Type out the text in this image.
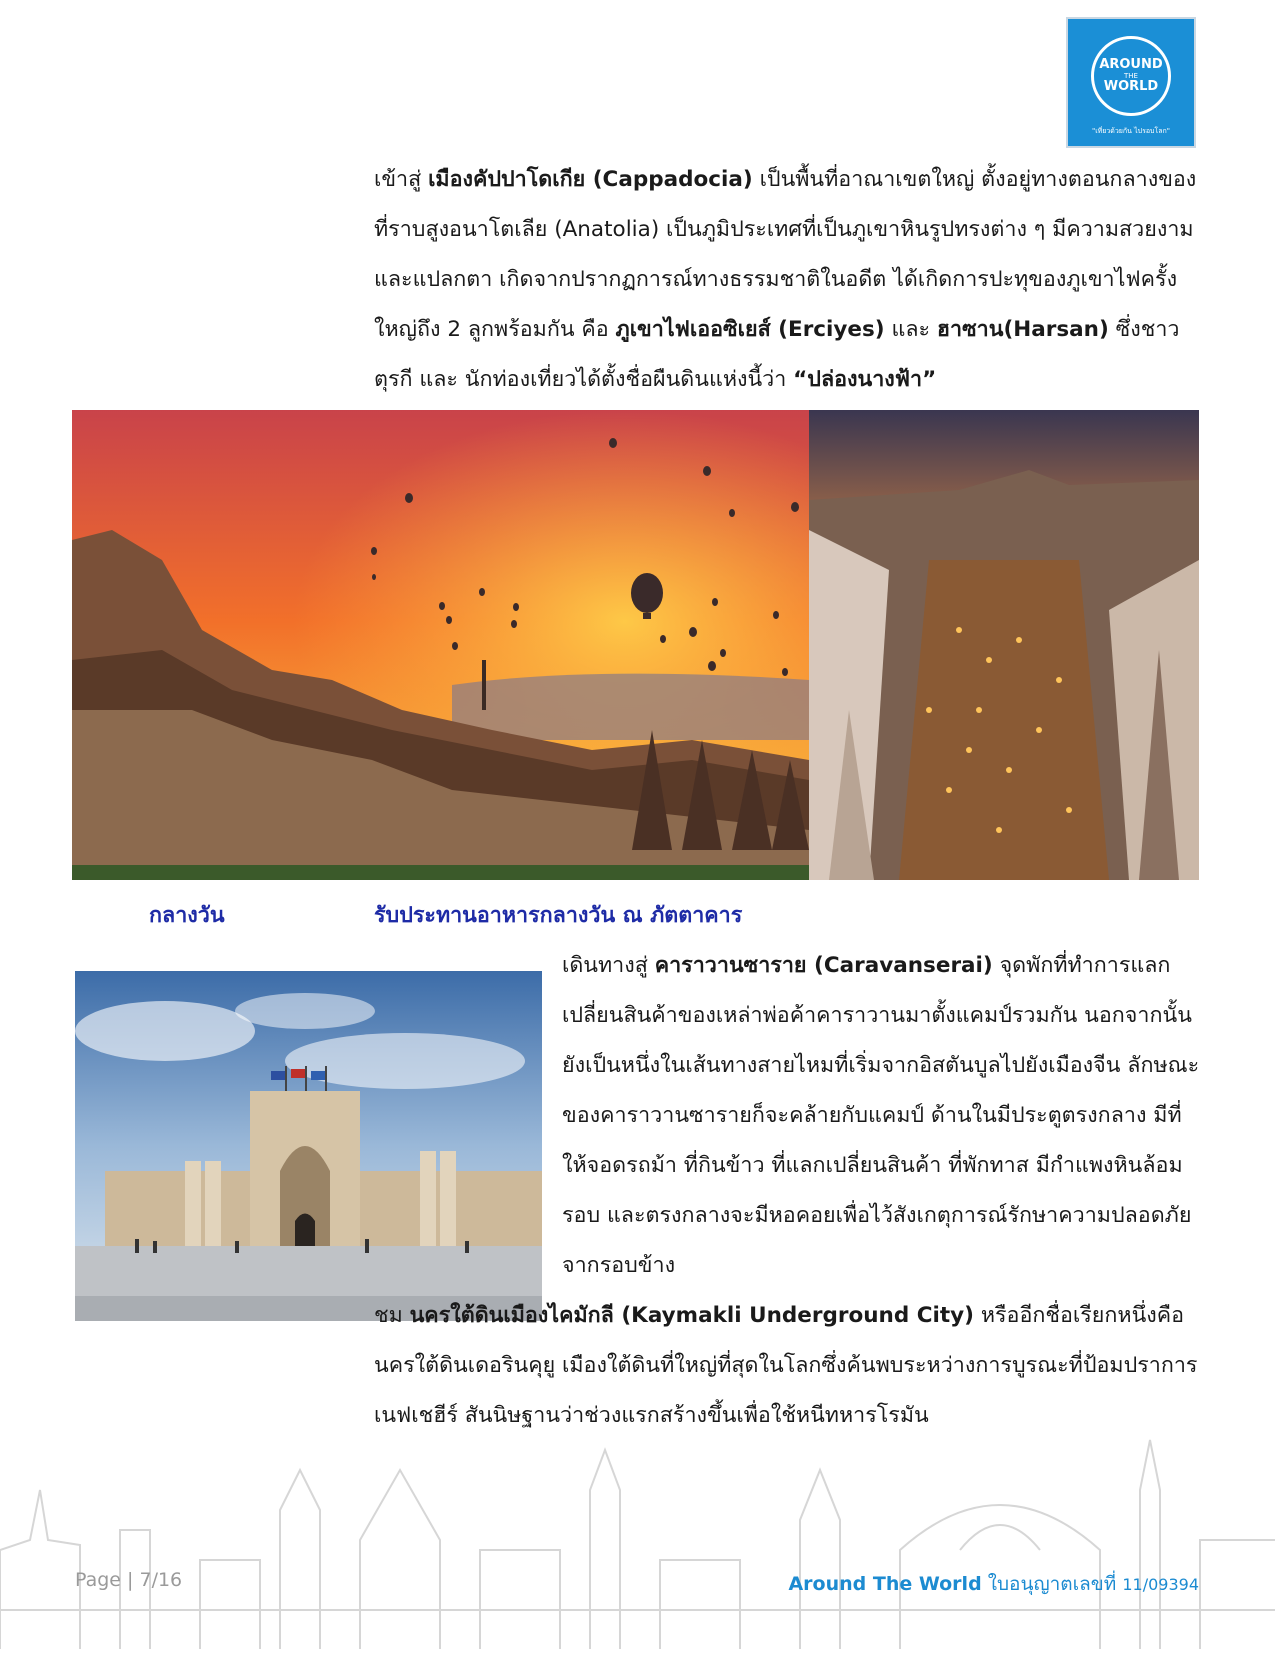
AROUND
THE
WORLD
"เที่ยวด้วยกัน ไปรอบโลก"

เข้าสู่ เมืองคัปปาโดเกีย (Cappadocia) เป็นพื้นที่อาณาเขตใหญ่ ตั้งอยู่ทางตอนกลางของที่ราบสูงอนาโตเลีย (Anatolia) เป็นภูมิประเทศที่เป็นภูเขาหินรูปทรงต่าง ๆ มีความสวยงามและแปลกตา เกิดจากปรากฏการณ์ทางธรรมชาติในอดีต ได้เกิดการปะทุของภูเขาไฟครั้งใหญ่ถึง 2 ลูกพร้อมกัน คือ ภูเขาไฟเออซิเยส์ (Erciyes) และ ฮาซาน(Harsan) ซึ่งชาวตุรกี และ นักท่องเที่ยวได้ตั้งชื่อผืนดินแห่งนี้ว่า “ปล่องนางฟ้า”

กลางวัน	รับประทานอาหารกลางวัน ณ ภัตตาคาร

เดินทางสู่ คาราวานซาราย (Caravanserai) จุดพักที่ทำการแลกเปลี่ยนสินค้าของเหล่าพ่อค้าคาราวานมาตั้งแคมป์รวมกัน นอกจากนั้นยังเป็นหนึ่งในเส้นทางสายไหมที่เริ่มจากอิสตันบูลไปยังเมืองจีน ลักษณะของคาราวานซารายก็จะคล้ายกับแคมป์ ด้านในมีประตูตรงกลาง มีที่ให้จอดรถม้า ที่กินข้าว ที่แลกเปลี่ยนสินค้า ที่พักทาส มีกำแพงหินล้อมรอบ และตรงกลางจะมีหอคอยเพื่อไว้สังเกตุการณ์รักษาความปลอดภัยจากรอบข้าง

ชม นครใต้ดินเมืองไคมักลี (Kaymakli Underground City) หรืออีกชื่อเรียกหนึ่งคือ นครใต้ดินเดอรินคุยู เมืองใต้ดินที่ใหญ่ที่สุดในโลกซึ่งค้นพบระหว่างการบูรณะที่ป้อมปราการเนฟเชฮีร์ สันนิษฐานว่าช่วงแรกสร้างขึ้นเพื่อใช้หนีทหารโรมัน

Page | 7/16	Around The World ใบอนุญาตเลขที่ 11/09394
